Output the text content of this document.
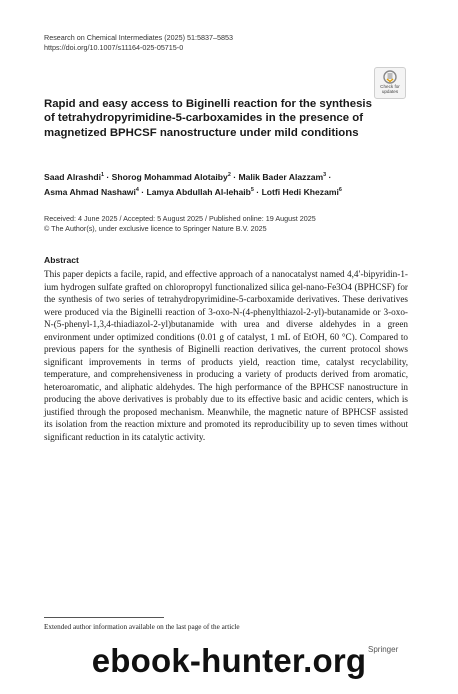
Research on Chemical Intermediates (2025) 51:5837–5853
https://doi.org/10.1007/s11164-025-05715-0
Check for
updates
Rapid and easy access to Biginelli reaction for the synthesis of tetrahydropyrimidine-5-carboxamides in the presence of magnetized BPHCSF nanostructure under mild conditions
Saad Alrashdi$^1$ · Shorog Mohammad Alotaiby$^2$ · Malik Bader Alazzam$^3$ ·
Asma Ahmad Nashawi$^4$ · Lamya Abdullah Al-lehaib$^5$ · Lotfi Hedi Khezami$^6$
Received: 4 June 2025 / Accepted: 5 August 2025 / Published online: 19 August 2025
© The Author(s), under exclusive licence to Springer Nature B.V. 2025
Abstract
This paper depicts a facile, rapid, and effective approach of a nanocatalyst named 4,4′-bipyridin-1-ium hydrogen sulfate grafted on chloropropyl functionalized silica gel-nano-Fe3O4 (BPHCSF) for the synthesis of two series of tetrahydropyrimidine-5-carboxamide derivatives. These derivatives were produced via the Biginelli reaction of 3-oxo-N-(4-phenylthiazol-2-yl)-butanamide or 3-oxo-N-(5-phenyl-1,3,4-thiadiazol-2-yl)butanamide with urea and diverse aldehydes in a green environment under optimized conditions (0.01 g of catalyst, 1 mL of EtOH, 60 °C). Compared to previous papers for the synthesis of Biginelli reaction derivatives, the current protocol shows significant improvements in terms of products yield, reaction time, catalyst recyclability, temperature, and comprehensiveness in producing a variety of products derived from aromatic, heteroaromatic, and aliphatic aldehydes. The high performance of the BPHCSF nanostructure in producing the above derivatives is probably due to its effective basic and acidic centers, which is justified through the proposed mechanism. Meanwhile, the magnetic nature of BPHCSF assisted its isolation from the reaction mixture and promoted its reproducibility up to seven times without significant reduction in its catalytic activity.
Extended author information available on the last page of the article
Springer
ebook-hunter.org
